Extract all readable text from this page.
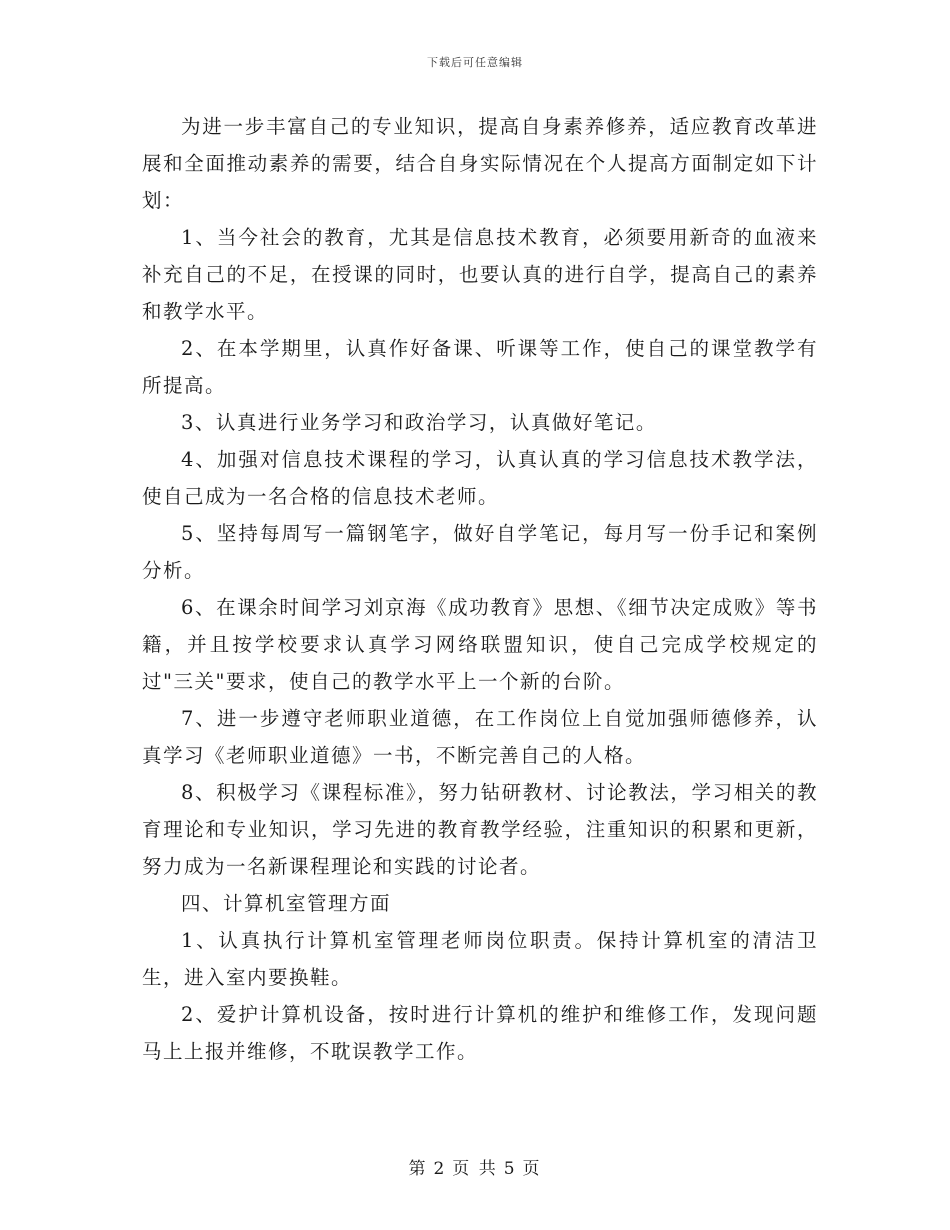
下载后可任意编辑

为进一步丰富自己的专业知识，提高自身素养修养，适应教育改革进展和全面推动素养的需要，结合自身实际情况在个人提高方面制定如下计划：

1、当今社会的教育，尤其是信息技术教育，必须要用新奇的血液来补充自己的不足，在授课的同时，也要认真的进行自学，提高自己的素养和教学水平。

2、在本学期里，认真作好备课、听课等工作，使自己的课堂教学有所提高。

3、认真进行业务学习和政治学习，认真做好笔记。

4、加强对信息技术课程的学习，认真认真的学习信息技术教学法，使自己成为一名合格的信息技术老师。

5、坚持每周写一篇钢笔字，做好自学笔记，每月写一份手记和案例分析。

6、在课余时间学习刘京海《成功教育》思想、《细节决定成败》等书籍，并且按学校要求认真学习网络联盟知识，使自己完成学校规定的过"三关"要求，使自己的教学水平上一个新的台阶。

7、进一步遵守老师职业道德，在工作岗位上自觉加强师德修养，认真学习《老师职业道德》一书，不断完善自己的人格。

8、积极学习《课程标准》，努力钻研教材、讨论教法，学习相关的教育理论和专业知识，学习先进的教育教学经验，注重知识的积累和更新，努力成为一名新课程理论和实践的讨论者。

四、计算机室管理方面

1、认真执行计算机室管理老师岗位职责。保持计算机室的清洁卫生，进入室内要换鞋。

2、爱护计算机设备，按时进行计算机的维护和维修工作，发现问题马上上报并维修，不耽误教学工作。

第 2 页 共 5 页
